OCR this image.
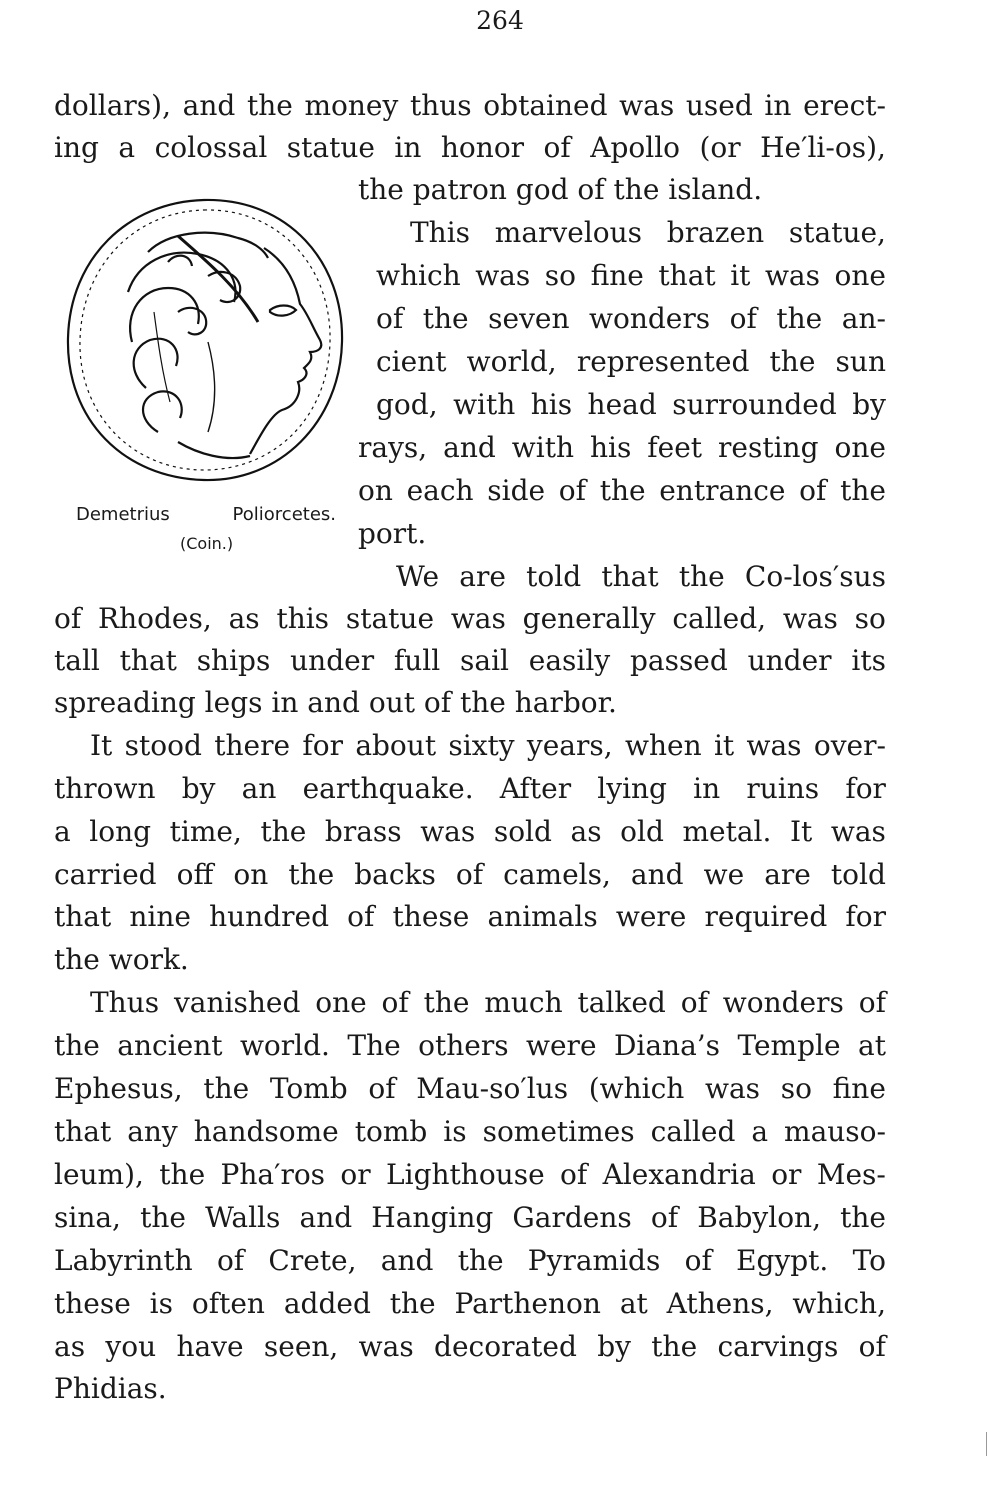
264
Demetrius	Poliorcetes.
(Coin.)
dollars), and the money thus obtained was used in erect-
ing a colossal statue in honor of Apollo (or He′li-os),
the patron god of the island.
This marvelous brazen statue,
which was so fine that it was one
of the seven wonders of the an-
cient world, represented the sun
god, with his head surrounded by
rays, and with his feet resting one
on each side of the entrance of the
port.
We are told that the Co-los′sus
of Rhodes, as this statue was generally called, was so
tall that ships under full sail easily passed under its
spreading legs in and out of the harbor.
It stood there for about sixty years, when it was over-
thrown by an earthquake. After lying in ruins for
a long time, the brass was sold as old metal. It was
carried off on the backs of camels, and we are told
that nine hundred of these animals were required for
the work.
Thus vanished one of the much talked of wonders of
the ancient world. The others were Diana’s Temple at
Ephesus, the Tomb of Mau-so′lus (which was so fine
that any handsome tomb is sometimes called a mauso-
leum), the Pha′ros or Lighthouse of Alexandria or Mes-
sina, the Walls and Hanging Gardens of Babylon, the
Labyrinth of Crete, and the Pyramids of Egypt. To
these is often added the Parthenon at Athens, which,
as you have seen, was decorated by the carvings of
Phidias.
